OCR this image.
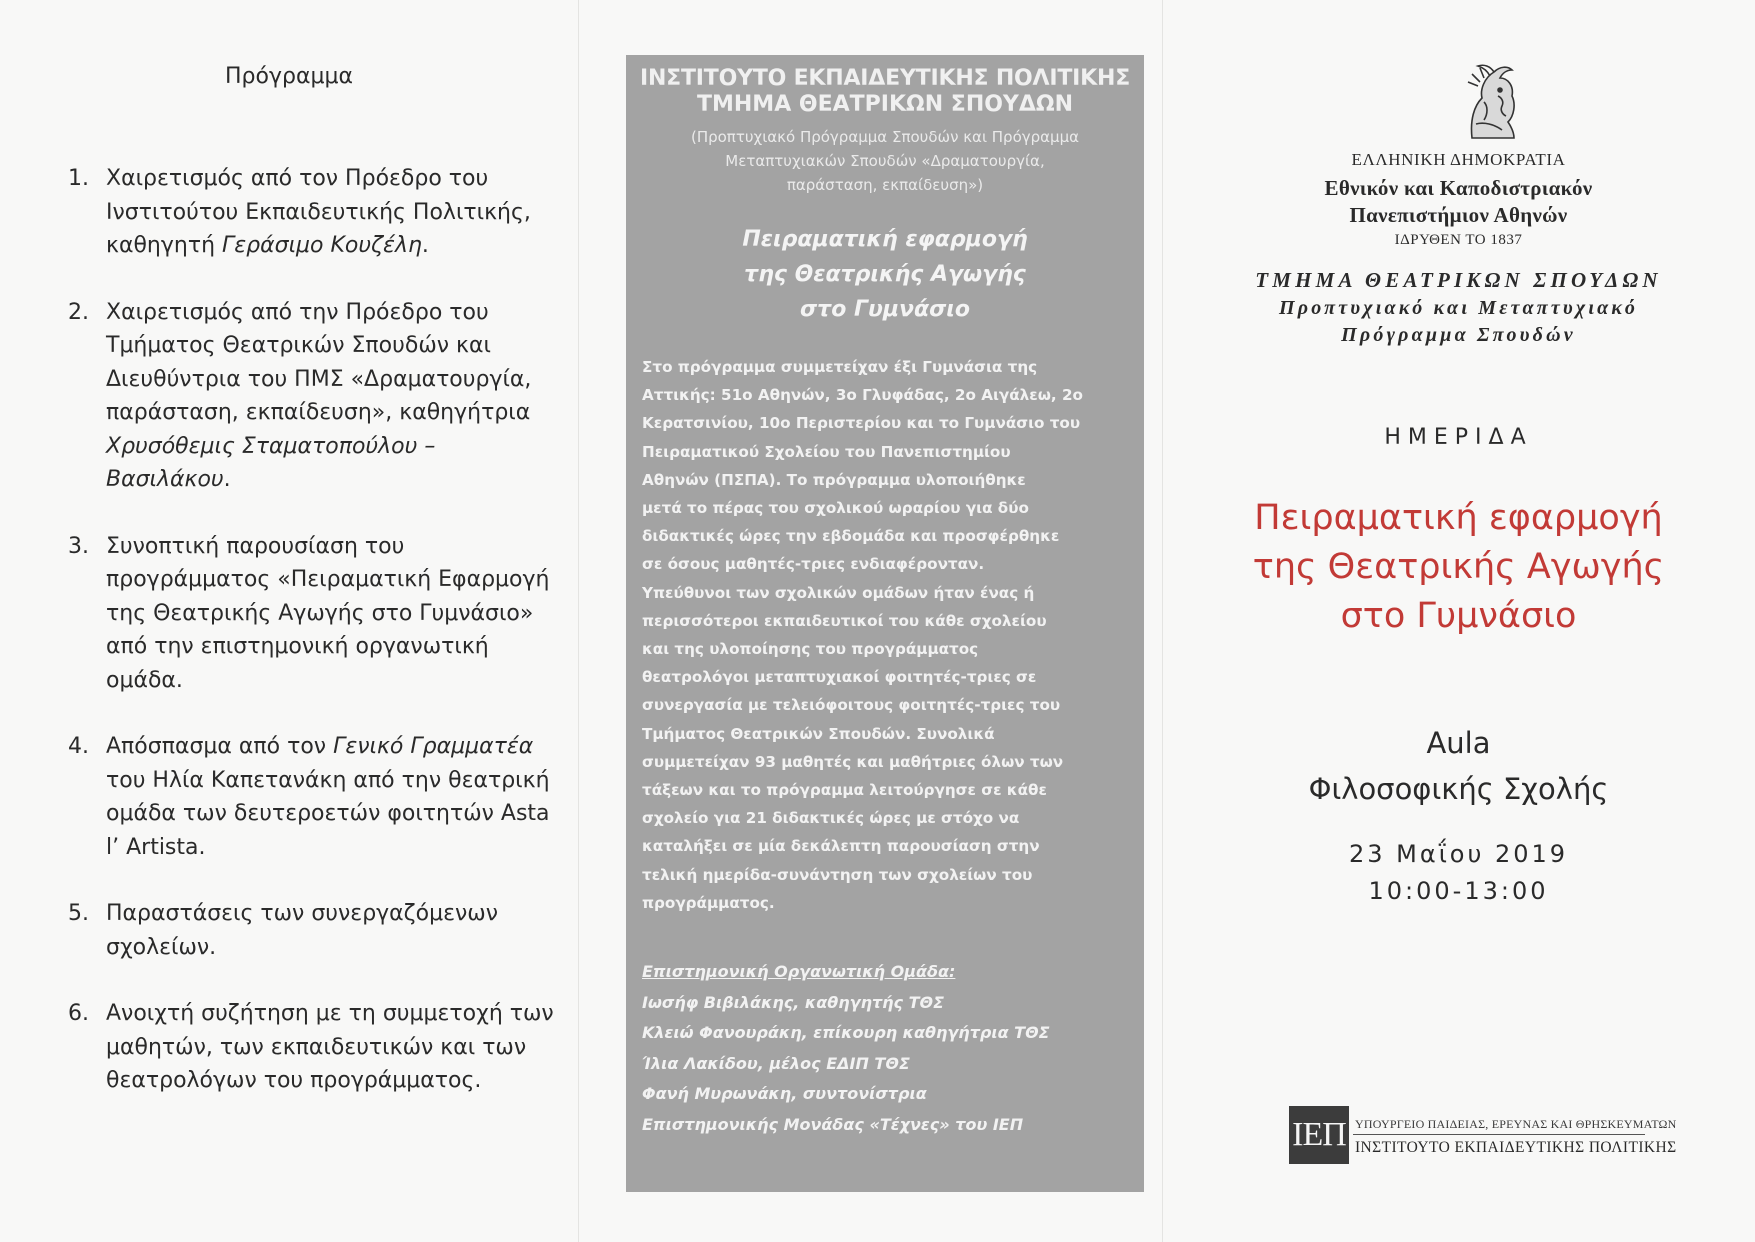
Πρόγραμμα
1. Χαιρετισμός από τον Πρόεδρο του
Ινστιτούτου Εκπαιδευτικής Πολιτικής,
καθηγητή Γεράσιμο Κουζέλη.
2. Χαιρετισμός από την Πρόεδρο του
Τμήματος Θεατρικών Σπουδών και
Διευθύντρια του ΠΜΣ «Δραματουργία,
παράσταση, εκπαίδευση», καθηγήτρια
Χρυσόθεμις Σταματοπούλου –
Βασιλάκου.
3. Συνοπτική παρουσίαση του
προγράμματος «Πειραματική Εφαρμογή
της Θεατρικής Αγωγής στο Γυμνάσιο»
από την επιστημονική οργανωτική
ομάδα.
4. Απόσπασμα από τον Γενικό Γραμματέα
του Ηλία Καπετανάκη από την θεατρική
ομάδα των δευτεροετών φοιτητών Asta
l’ Artista.
5. Παραστάσεις των συνεργαζόμενων
σχολείων.
6. Ανοιχτή συζήτηση με τη συμμετοχή των
μαθητών, των εκπαιδευτικών και των
θεατρολόγων του προγράμματος.
ΙΝΣΤΙΤΟΥΤΟ ΕΚΠΑΙΔΕΥΤΙΚΗΣ ΠΟΛΙΤΙΚΗΣ
ΤΜΗΜΑ ΘΕΑΤΡΙΚΩΝ ΣΠΟΥΔΩΝ
(Προπτυχιακό Πρόγραμμα Σπουδών και Πρόγραμμα
Μεταπτυχιακών Σπουδών «Δραματουργία,
παράσταση, εκπαίδευση»)
Πειραματική εφαρμογή
της Θεατρικής Αγωγής
στο Γυμνάσιο
Στο πρόγραμμα συμμετείχαν έξι Γυμνάσια της
Αττικής: 51ο Αθηνών, 3ο Γλυφάδας, 2ο Αιγάλεω, 2ο
Κερατσινίου, 10ο Περιστερίου και το Γυμνάσιο του
Πειραματικού Σχολείου του Πανεπιστημίου
Αθηνών (ΠΣΠΑ). Το πρόγραμμα υλοποιήθηκε
μετά το πέρας του σχολικού ωραρίου για δύο
διδακτικές ώρες την εβδομάδα και προσφέρθηκε
σε όσους μαθητές-τριες ενδιαφέρονταν.
Υπεύθυνοι των σχολικών ομάδων ήταν ένας ή
περισσότεροι εκπαιδευτικοί του κάθε σχολείου
και της υλοποίησης του προγράμματος
θεατρολόγοι μεταπτυχιακοί φοιτητές-τριες σε
συνεργασία με τελειόφοιτους φοιτητές-τριες του
Τμήματος Θεατρικών Σπουδών. Συνολικά
συμμετείχαν 93 μαθητές και μαθήτριες όλων των
τάξεων και το πρόγραμμα λειτούργησε σε κάθε
σχολείο για 21 διδακτικές ώρες με στόχο να
καταλήξει σε μία δεκάλεπτη παρουσίαση στην
τελική ημερίδα-συνάντηση των σχολείων του
προγράμματος.
Επιστημονική Οργανωτική Ομάδα:
Ιωσήφ Βιβιλάκης, καθηγητής ΤΘΣ
Κλειώ Φανουράκη, επίκουρη καθηγήτρια ΤΘΣ
Ίλια Λακίδου, μέλος ΕΔΙΠ ΤΘΣ
Φανή Μυρωνάκη, συντονίστρια
Επιστημονικής Μονάδας «Τέχνες» του ΙΕΠ
ΕΛΛΗΝΙΚΗ ΔΗΜΟΚΡΑΤΙΑ
Εθνικόν και Καποδιστριακόν
Πανεπιστήμιον Αθηνών
ΙΔΡΥΘΕΝ ΤΟ 1837
ΤΜΗΜΑ ΘΕΑΤΡΙΚΩΝ ΣΠΟΥΔΩΝ
Προπτυχιακό και Μεταπτυχιακό
Πρόγραμμα Σπουδών
ΗΜΕΡΙΔΑ
Πειραματική εφαρμογή
της Θεατρικής Αγωγής
στο Γυμνάσιο
Aula
Φιλοσοφικής Σχολής
23 Μαΐου 2019
10:00-13:00
ΙΕΠ ΥΠΟΥΡΓΕΙΟ ΠΑΙΔΕΙΑΣ, ΕΡΕΥΝΑΣ ΚΑΙ ΘΡΗΣΚΕΥΜΑΤΩΝ
ΙΝΣΤΙΤΟΥΤΟ ΕΚΠΑΙΔΕΥΤΙΚΗΣ ΠΟΛΙΤΙΚΗΣ
